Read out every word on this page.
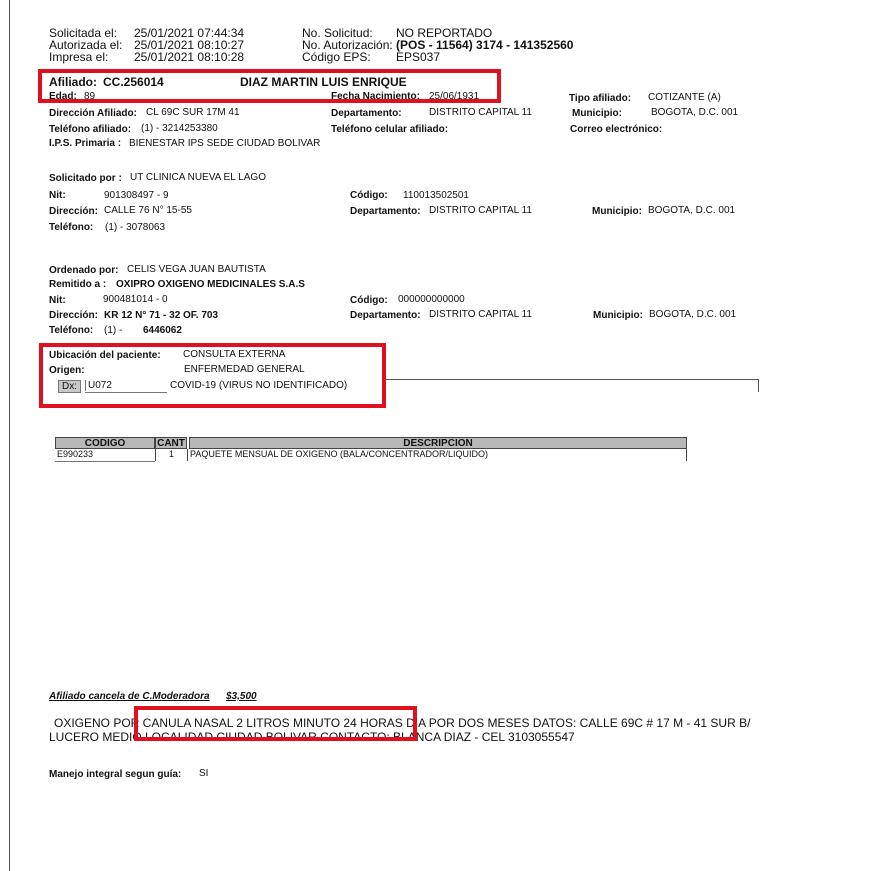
Solicitada el: 25/01/2021 07:44:34
Autorizada el: 25/01/2021 08:10:27
Impresa el: 25/01/2021 08:10:28
No. Solicitud: NO REPORTADO
No. Autorización: (POS - 11564) 3174 - 141352560
Código EPS: EPS037
Afiliado: CC.256014	DIAZ MARTIN LUIS ENRIQUE
Edad: 89	Fecha Nacimiento: 25/06/1931	Tipo afiliado: COTIZANTE (A)
Dirección Afiliado: CL 69C SUR 17M 41	Departamento:	DISTRITO CAPITAL 11	Municipio:	BOGOTA, D.C. 001
Teléfono afiliado: (1) - 3214253380	Teléfono celular afiliado:	Correo electrónico:
I.P.S. Primaria : BIENESTAR IPS SEDE CIUDAD BOLIVAR
Solicitado por : UT CLINICA NUEVA EL LAGO
Nit:	901308497 - 9	Código: 110013502501
Dirección: CALLE 76 N° 15-55	Departamento: DISTRITO CAPITAL 11	Municipio: BOGOTA, D.C. 001
Teléfono: (1) - 3078063
Ordenado por: CELIS VEGA JUAN BAUTISTA
Remitido a : OXIPRO OXIGENO MEDICINALES S.A.S
Nit:	900481014 - 0	Código: 000000000000
Dirección: KR 12 N° 71 - 32 OF. 703	Departamento: DISTRITO CAPITAL 11	Municipio: BOGOTA, D.C. 001
Teléfono: (1) - 6446062
Ubicación del paciente: CONSULTA EXTERNA
Origen:	ENFERMEDAD GENERAL
Dx:	U072	COVID-19 (VIRUS NO IDENTIFICADO)
CODIGO	CANT	DESCRIPCION
E990233	1	PAQUETE MENSUAL DE OXIGENO (BALA/CONCENTRADOR/LIQUIDO)
Afiliado cancela de C.Moderadora $3,500
OXIGENO POR CANULA NASAL 2 LITROS MINUTO 24 HORAS DIA POR DOS MESES DATOS: CALLE 69C # 17 M - 41 SUR B/
LUCERO MEDIO LOCALIDAD CIUDAD BOLIVAR CONTACTO: BLANCA DIAZ - CEL 3103055547
Manejo integral segun guía: SI
